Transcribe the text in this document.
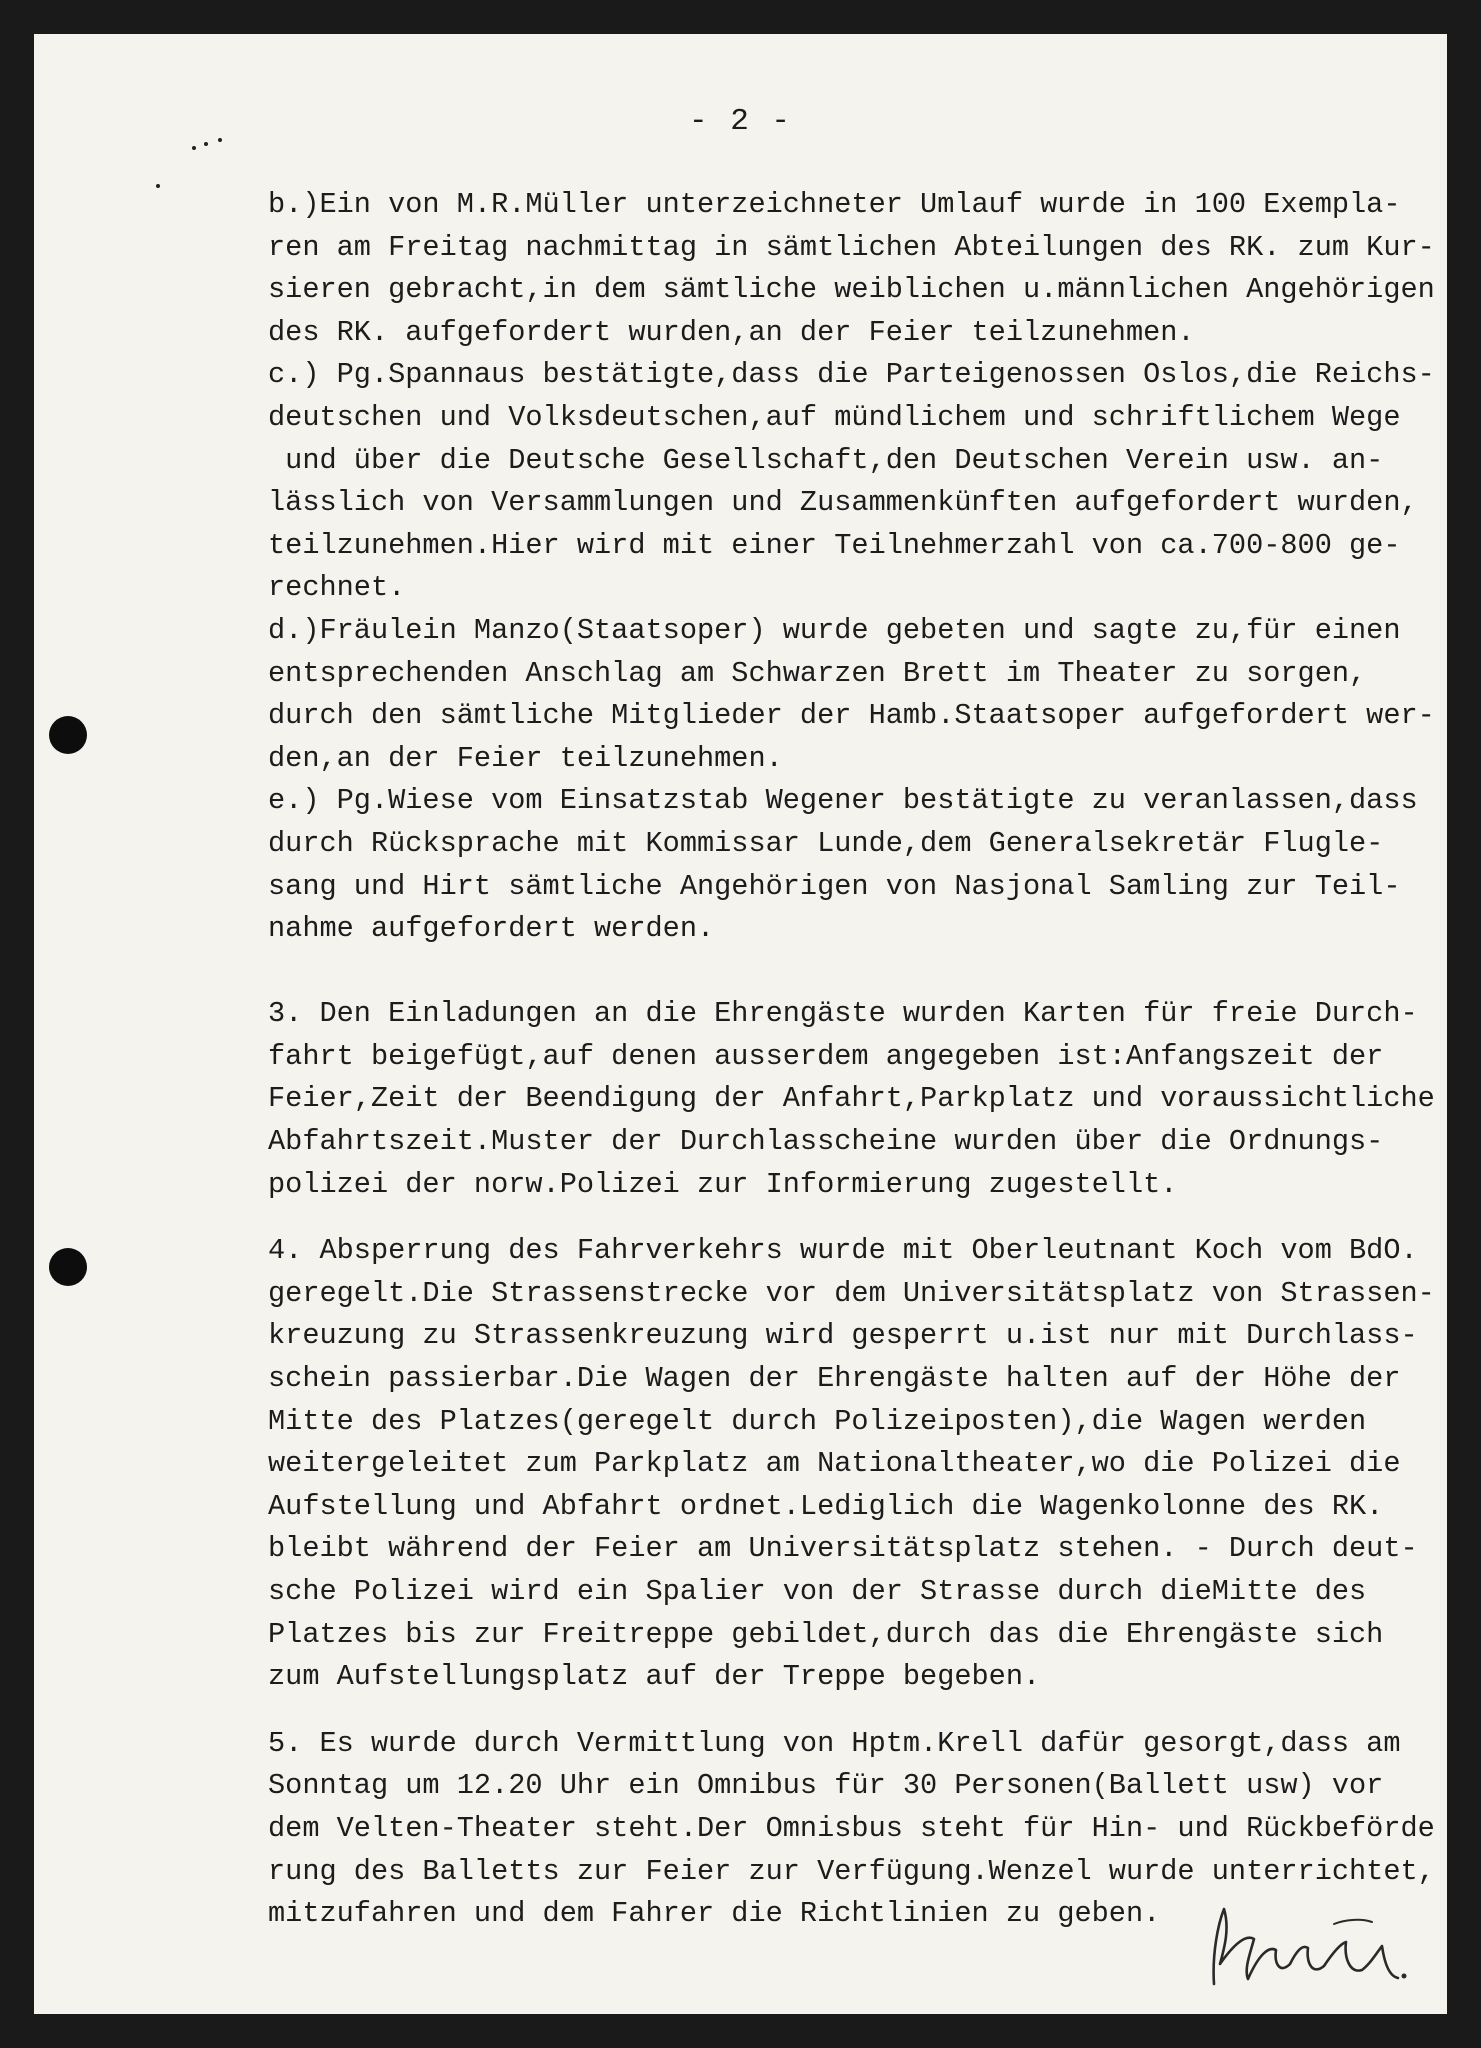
- 2 -
b.)Ein von M.R.Müller unterzeichneter Umlauf wurde in 100 Exempla-
ren am Freitag nachmittag in sämtlichen Abteilungen des RK. zum Kur-
sieren gebracht,in dem sämtliche weiblichen u.männlichen Angehörigen
des RK. aufgefordert wurden,an der Feier teilzunehmen.
c.) Pg.Spannaus bestätigte,dass die Parteigenossen Oslos,die Reichs-
deutschen und Volksdeutschen,auf mündlichem und schriftlichem Wege
und über die Deutsche Gesellschaft,den Deutschen Verein usw. an-
lässlich von Versammlungen und Zusammenkünften aufgefordert wurden,
teilzunehmen.Hier wird mit einer Teilnehmerzahl von ca.700-800 ge-
rechnet.
d.)Fräulein Manzo(Staatsoper) wurde gebeten und sagte zu,für einen
entsprechenden Anschlag am Schwarzen Brett im Theater zu sorgen,
durch den sämtliche Mitglieder der Hamb.Staatsoper aufgefordert wer-
den,an der Feier teilzunehmen.
e.) Pg.Wiese vom Einsatzstab Wegener bestätigte zu veranlassen,dass
durch Rücksprache mit Kommissar Lunde,dem Generalsekretär Flugle-
sang und Hirt sämtliche Angehörigen von Nasjonal Samling zur Teil-
nahme aufgefordert werden.
3. Den Einladungen an die Ehrengäste wurden Karten für freie Durch-
fahrt beigefügt,auf denen ausserdem angegeben ist:Anfangszeit der
Feier,Zeit der Beendigung der Anfahrt,Parkplatz und voraussichtliche
Abfahrtszeit.Muster der Durchlasscheine wurden über die Ordnungs-
polizei der norw.Polizei zur Informierung zugestellt.
4. Absperrung des Fahrverkehrs wurde mit Oberleutnant Koch vom BdO.
geregelt.Die Strassenstrecke vor dem Universitätsplatz von Strassen-
kreuzung zu Strassenkreuzung wird gesperrt u.ist nur mit Durchlass-
schein passierbar.Die Wagen der Ehrengäste halten auf der Höhe der
Mitte des Platzes(geregelt durch Polizeiposten),die Wagen werden
weitergeleitet zum Parkplatz am Nationaltheater,wo die Polizei die
Aufstellung und Abfahrt ordnet.Lediglich die Wagenkolonne des RK.
bleibt während der Feier am Universitätsplatz stehen. - Durch deut-
sche Polizei wird ein Spalier von der Strasse durch dieMitte des
Platzes bis zur Freitreppe gebildet,durch das die Ehrengäste sich
zum Aufstellungsplatz auf der Treppe begeben.
5. Es wurde durch Vermittlung von Hptm.Krell dafür gesorgt,dass am
Sonntag um 12.20 Uhr ein Omnibus für 30 Personen(Ballett usw) vor
dem Velten-Theater steht.Der Omnisbus steht für Hin- und Rückbeförde
rung des Balletts zur Feier zur Verfügung.Wenzel wurde unterrichtet,
mitzufahren und dem Fahrer die Richtlinien zu geben.
